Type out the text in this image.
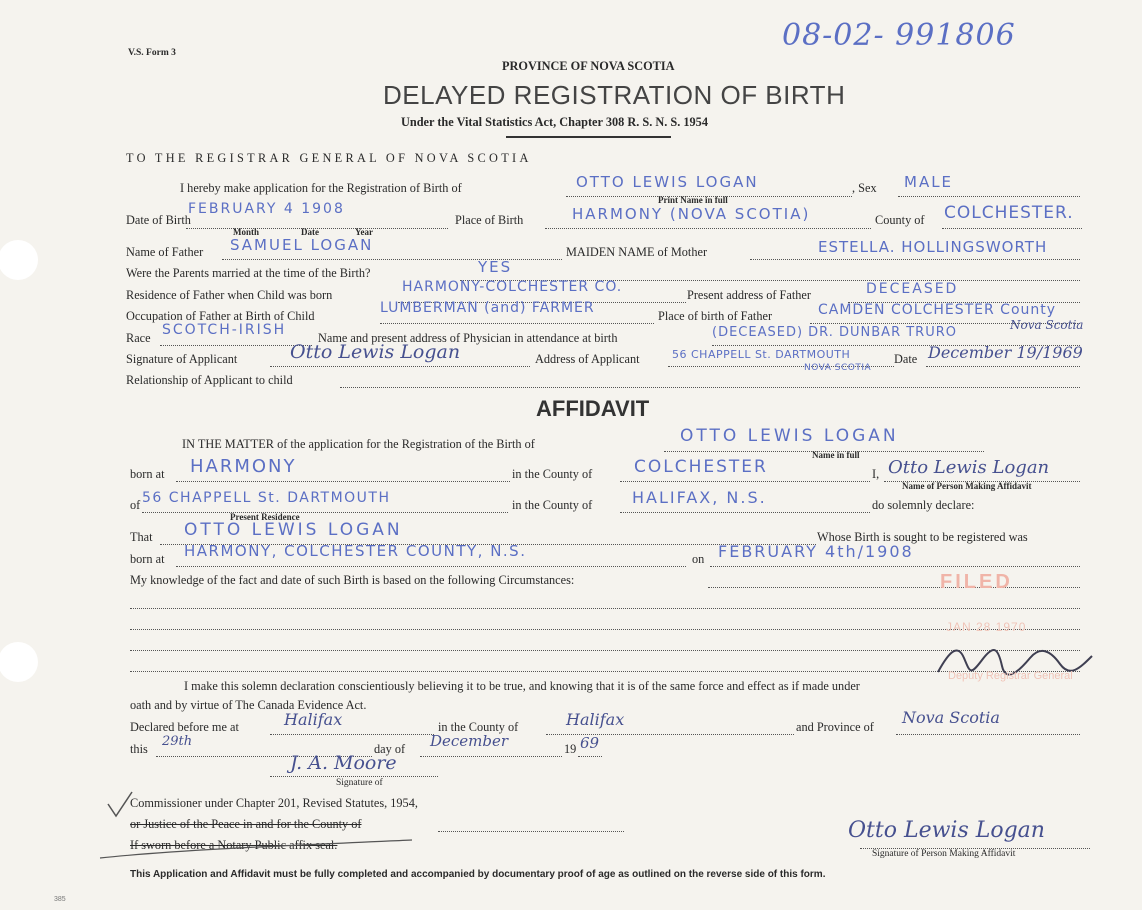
V.S. Form 3	08-02- 991806
PROVINCE OF NOVA SCOTIA
DELAYED REGISTRATION OF BIRTH
Under the Vital Statistics Act, Chapter 308 R. S. N. S. 1954
TO THE REGISTRAR GENERAL OF NOVA SCOTIA
I hereby make application for the Registration of Birth of	OTTO LEWIS LOGAN	, Sex MALE
Print Name in full
Date of Birth
FEBRUARY 4 1908
Month	Date	Year
Place of Birth	HARMONY (NOVA SCOTIA)	County of COLCHESTER.
Name of Father SAMUEL LOGAN	MAIDEN NAME of Mother	ESTELLA. HOLLINGSWORTH
Were the Parents married at the time of the Birth?	YES
Residence of Father when Child was born	HARMONY-COLCHESTER CO.	Present address of Father	DECEASED
Occupation of Father at Birth of Child	LUMBERMAN (and) FARMER	Place of birth of Father	CAMDEN COLCHESTER County
Nova Scotia
Race SCOTCH-IRISH	Name and present address of Physician in attendance at birth	(DECEASED) DR. DUNBAR TRURO
Signature of Applicant	Otto Lewis Logan	Address of Applicant	56 CHAPPELL St. DARTMOUTH
NOVA SCOTIA
Date December 19/1969
Relationship of Applicant to child
AFFIDAVIT
IN THE MATTER of the application for the Registration of the Birth of	OTTO LEWIS LOGAN
Name in full
born at HARMONY	in the County of COLCHESTER	I, Otto Lewis Logan
Name of Person Making Affidavit
of 56 CHAPPELL St. DARTMOUTH
Present Residence
in the County of HALIFAX, N.S.	do solemnly declare:
That OTTO LEWIS LOGAN	Whose Birth is sought to be registered was
born at HARMONY, COLCHESTER COUNTY, N.S.	on FEBRUARY 4th/1908
My knowledge of the fact and date of such Birth is based on the following Circumstances:	FILED
JAN 28 1970
Deputy Registrar General
I make this solemn declaration conscientiously believing it to be true, and knowing that it is of the same force and effect as if made under
oath and by virtue of The Canada Evidence Act.
Declared before me at	Halifax	in the County of	Halifax	and Province of Nova Scotia
this 29th	day of December	19 69
J. A. Moore
Signature of
Commissioner under Chapter 201, Revised Statutes, 1954,
or Justice of the Peace in and for the County of
If sworn before a Notary Public affix seal.
Otto Lewis Logan
Signature of Person Making Affidavit
This Application and Affidavit must be fully completed and accompanied by documentary proof of age as outlined on the reverse side of this form.
385
